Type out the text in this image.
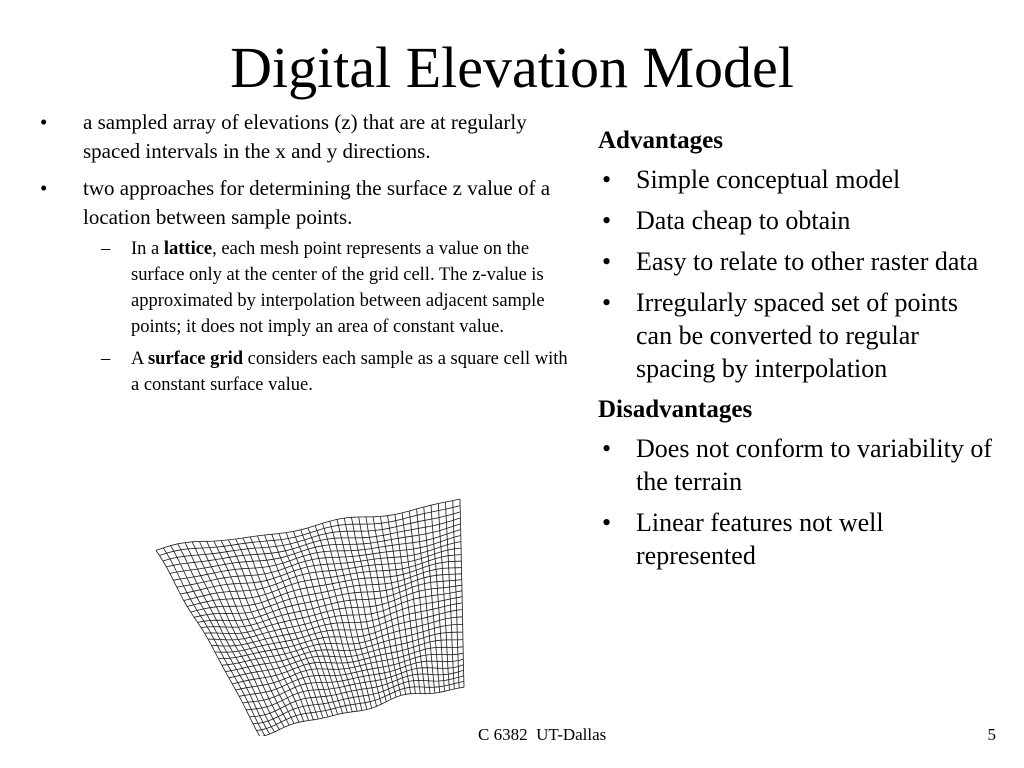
Digital Elevation Model
• a sampled array of elevations (z) that are at regularly spaced intervals in the x and y directions.
• two approaches for determining the surface z value of a location between sample points.
– In a lattice, each mesh point represents a value on the surface only at the center of the grid cell. The z-value is approximated by interpolation between adjacent sample points; it does not imply an area of constant value.
– A surface grid considers each sample as a square cell with a constant surface value.
Advantages
• Simple conceptual model
• Data cheap to obtain
• Easy to relate to other raster data
• Irregularly spaced set of points can be converted to regular spacing by interpolation
Disadvantages
• Does not conform to variability of the terrain
• Linear features not well represented
C 6382  UT-Dallas	5
